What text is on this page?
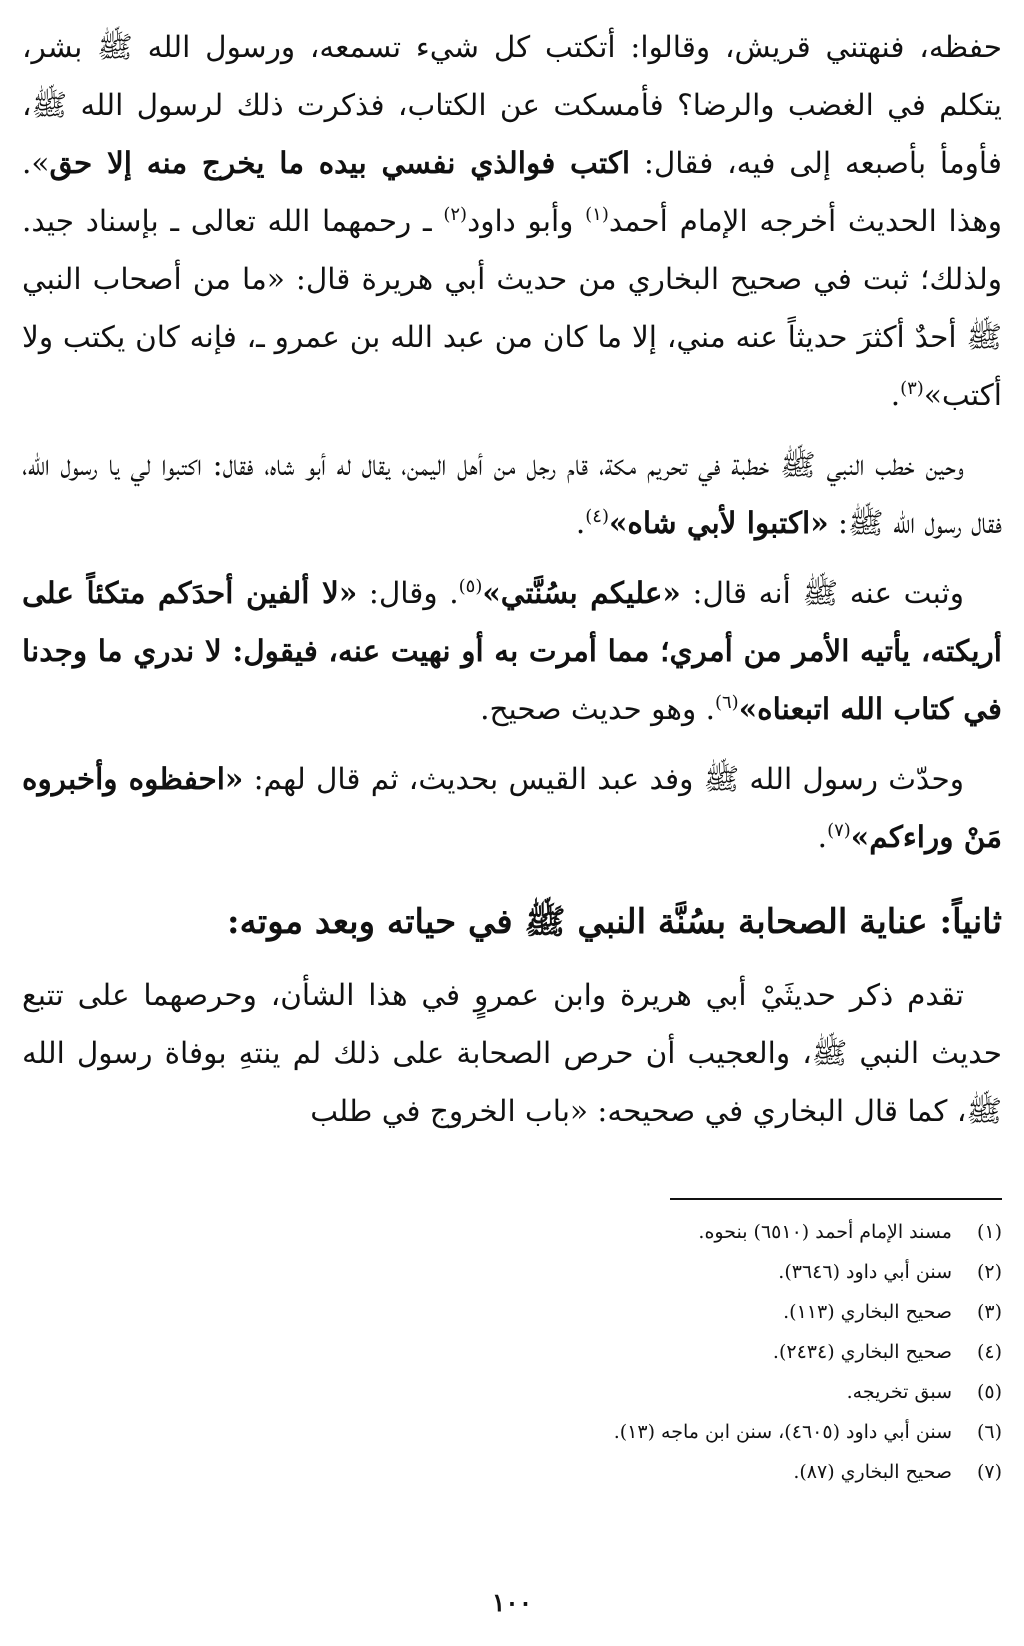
حفظه، فنهتني قريش، وقالوا: أتكتب كل شيء تسمعه، ورسول الله ﷺ بشر، يتكلم في الغضب والرضا؟ فأمسكت عن الكتاب، فذكرت ذلك لرسول الله ﷺ، فأومأ بأصبعه إلى فيه، فقال: اكتب فوالذي نفسي بيده ما يخرج منه إلا حق». وهذا الحديث أخرجه الإمام أحمد$^{(١)}$ وأبو داود$^{(٢)}$ ـ رحمهما الله تعالى ـ بإسناد جيد. ولذلك؛ ثبت في صحيح البخاري من حديث أبي هريرة قال: «ما من أصحاب النبي ﷺ أحدٌ أكثرَ حديثاً عنه مني، إلا ما كان من عبد الله بن عمرو ـ، فإنه كان يكتب ولا أكتب»$^{(٣)}$.

وحين خطب النبي ﷺ خطبة في تحريم مكة، قام رجل من أهل اليمن، يقال له أبو شاه، فقال: اكتبوا لي يا رسول الله، فقال رسول الله ﷺ: «اكتبوا لأبي شاه»$^{(٤)}$.

وثبت عنه ﷺ أنه قال: «عليكم بسُنَّتي»$^{(٥)}$. وقال: «لا ألفين أحدَكم متكئاً على أريكته، يأتيه الأمر من أمري؛ مما أمرت به أو نهيت عنه، فيقول: لا ندري ما وجدنا في كتاب الله اتبعناه»$^{(٦)}$. وهو حديث صحيح.

وحدّث رسول الله ﷺ وفد عبد القيس بحديث، ثم قال لهم: «احفظوه وأخبروه مَنْ وراءكم»$^{(٧)}$.

ثانياً: عناية الصحابة بسُنَّة النبي ﷺ في حياته وبعد موته:

تقدم ذكر حديثَيْ أبي هريرة وابن عمروٍ في هذا الشأن، وحرصهما على تتبع حديث النبي ﷺ، والعجيب أن حرص الصحابة على ذلك لم ينتهِ بوفاة رسول الله ﷺ، كما قال البخاري في صحيحه: «باب الخروج في طلب

(١)
مسند الإمام أحمد (٦٥١٠) بنحوه.
(٢)
سنن أبي داود (٣٦٤٦).
(٣)
صحيح البخاري (١١٣).
(٤)
صحيح البخاري (٢٤٣٤).
(٥)
سبق تخريجه.
(٦)
سنن أبي داود (٤٦٠٥)، سنن ابن ماجه (١٣).
(٧)
صحيح البخاري (٨٧).
١٠٠
